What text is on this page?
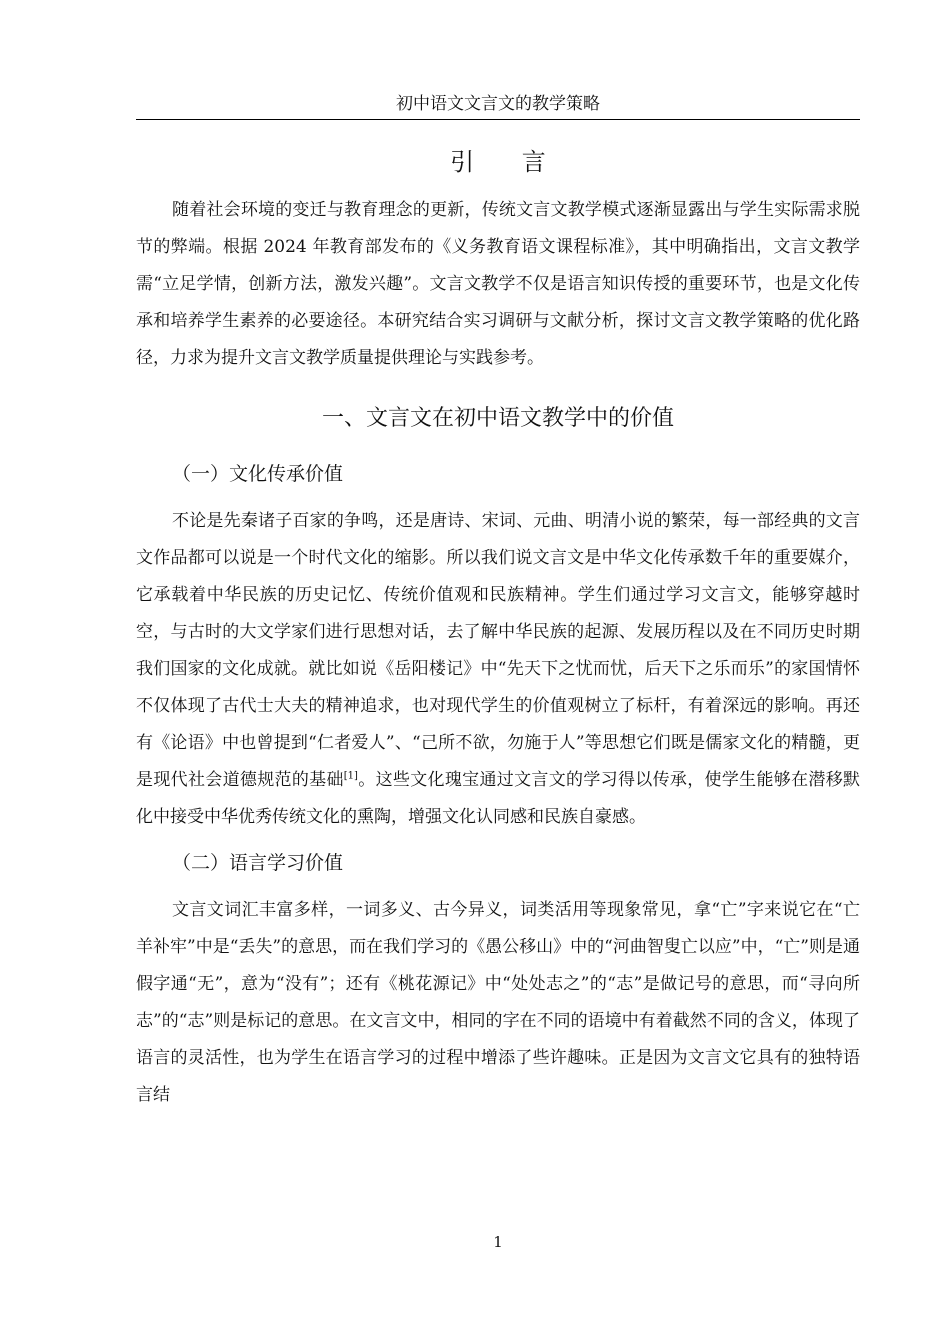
初中语文文言文的教学策略
引 言

随着社会环境的变迁与教育理念的更新，传统文言文教学模式逐渐显露出与学生实际需求脱节的弊端。根据 2024 年教育部发布的《义务教育语文课程标准》，其中明确指出，文言文教学需“立足学情，创新方法，激发兴趣”。文言文教学不仅是语言知识传授的重要环节，也是文化传承和培养学生素养的必要途径。本研究结合实习调研与文献分析，探讨文言文教学策略的优化路径，力求为提升文言文教学质量提供理论与实践参考。

一、文言文在初中语文教学中的价值
（一）文化传承价值

不论是先秦诸子百家的争鸣，还是唐诗、宋词、元曲、明清小说的繁荣，每一部经典的文言文作品都可以说是一个时代文化的缩影。所以我们说文言文是中华文化传承数千年的重要媒介，它承载着中华民族的历史记忆、传统价值观和民族精神。学生们通过学习文言文，能够穿越时空，与古时的大文学家们进行思想对话，去了解中华民族的起源、发展历程以及在不同历史时期我们国家的文化成就。就比如说《岳阳楼记》中“先天下之忧而忧，后天下之乐而乐”的家国情怀不仅体现了古代士大夫的精神追求，也对现代学生的价值观树立了标杆，有着深远的影响。再还有《论语》中也曾提到“仁者爱人”、“己所不欲，勿施于人”等思想它们既是儒家文化的精髓，更是现代社会道德规范的基础[1]。这些文化瑰宝通过文言文的学习得以传承，使学生能够在潜移默化中接受中华优秀传统文化的熏陶，增强文化认同感和民族自豪感。

（二）语言学习价值

文言文词汇丰富多样，一词多义、古今异义，词类活用等现象常见，拿“亡”字来说它在“亡羊补牢”中是“丢失”的意思，而在我们学习的《愚公移山》中的“河曲智叟亡以应”中，“亡”则是通假字通“无”，意为“没有”；还有《桃花源记》中“处处志之”的“志”是做记号的意思，而“寻向所志”的“志”则是标记的意思。在文言文中，相同的字在不同的语境中有着截然不同的含义，体现了语言的灵活性，也为学生在语言学习的过程中增添了些许趣味。正是因为文言文它具有的独特语言结

1
